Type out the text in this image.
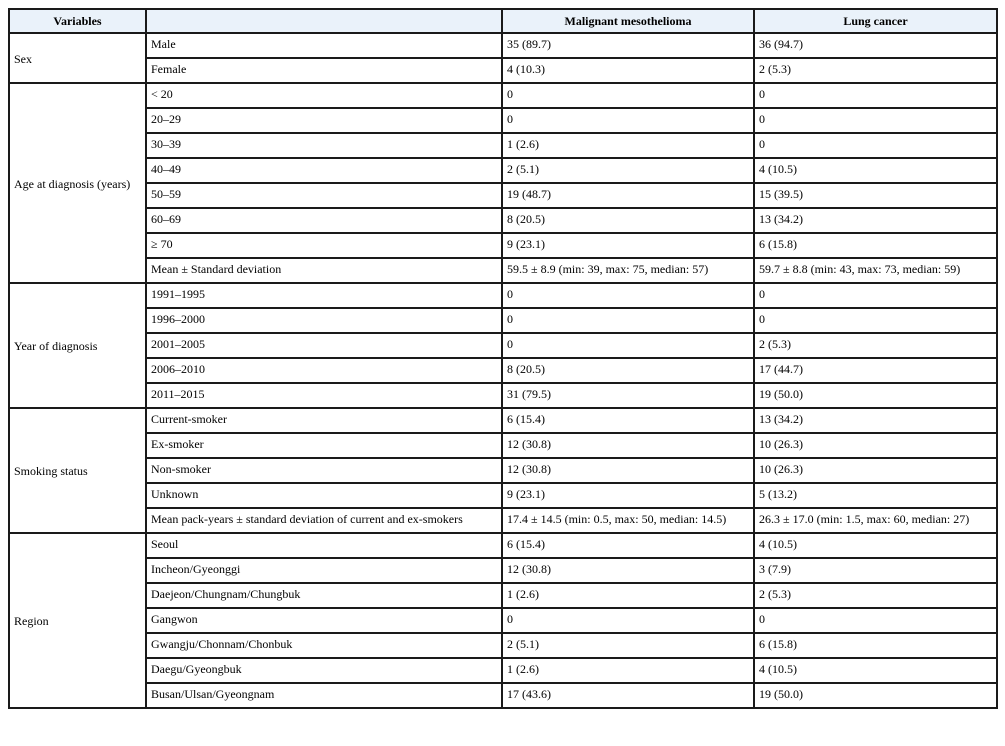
Variables		Malignant mesothelioma	Lung cancer
Sex	Male	35 (89.7)	36 (94.7)
	Female	4 (10.3)	2 (5.3)
Age at diagnosis (years)	< 20	0	0
	20–29	0	0
	30–39	1 (2.6)	0
	40–49	2 (5.1)	4 (10.5)
	50–59	19 (48.7)	15 (39.5)
	60–69	8 (20.5)	13 (34.2)
	≥ 70	9 (23.1)	6 (15.8)
	Mean ± Standard deviation	59.5 ± 8.9 (min: 39, max: 75, median: 57)	59.7 ± 8.8 (min: 43, max: 73, median: 59)
Year of diagnosis	1991–1995	0	0
	1996–2000	0	0
	2001–2005	0	2 (5.3)
	2006–2010	8 (20.5)	17 (44.7)
	2011–2015	31 (79.5)	19 (50.0)
Smoking status	Current-smoker	6 (15.4)	13 (34.2)
	Ex-smoker	12 (30.8)	10 (26.3)
	Non-smoker	12 (30.8)	10 (26.3)
	Unknown	9 (23.1)	5 (13.2)
	Mean pack-years ± standard deviation of current and ex-smokers	17.4 ± 14.5 (min: 0.5, max: 50, median: 14.5)	26.3 ± 17.0 (min: 1.5, max: 60, median: 27)
Region	Seoul	6 (15.4)	4 (10.5)
	Incheon/Gyeonggi	12 (30.8)	3 (7.9)
	Daejeon/Chungnam/Chungbuk	1 (2.6)	2 (5.3)
	Gangwon	0	0
	Gwangju/Chonnam/Chonbuk	2 (5.1)	6 (15.8)
	Daegu/Gyeongbuk	1 (2.6)	4 (10.5)
	Busan/Ulsan/Gyeongnam	17 (43.6)	19 (50.0)
